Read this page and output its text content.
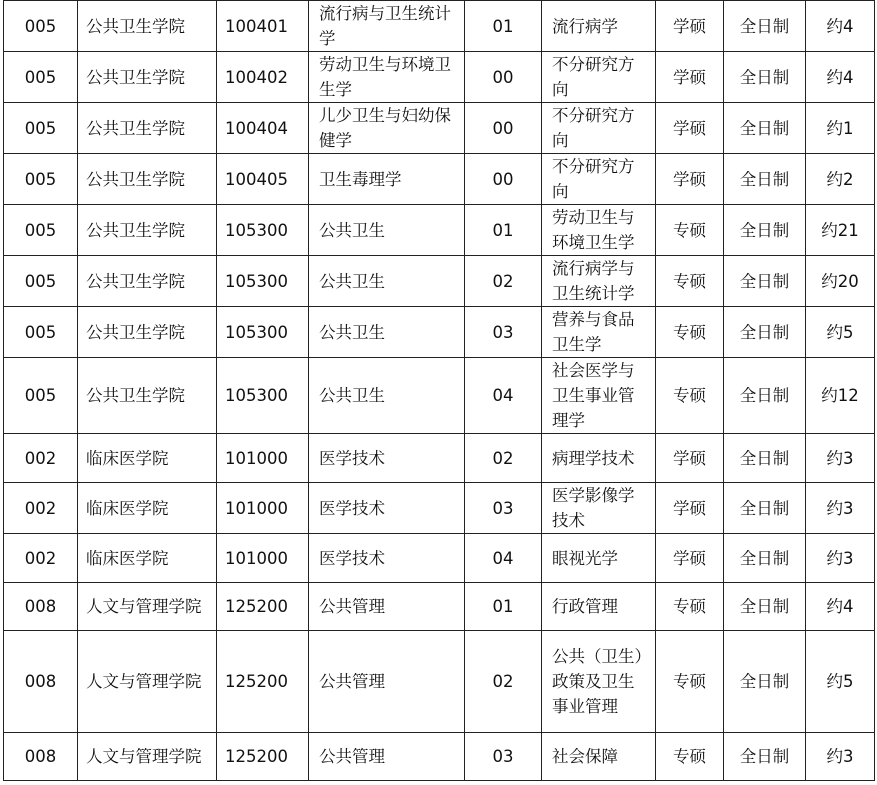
005	公共卫生学院	100401	流行病与卫生统计学	01	流行病学	学硕	全日制	约4
005	公共卫生学院	100402	劳动卫生与环境卫生学	00	不分研究方向	学硕	全日制	约4
005	公共卫生学院	100404	儿少卫生与妇幼保健学	00	不分研究方向	学硕	全日制	约1
005	公共卫生学院	100405	卫生毒理学	00	不分研究方向	学硕	全日制	约2
005	公共卫生学院	105300	公共卫生	01	劳动卫生与环境卫生学	专硕	全日制	约21
005	公共卫生学院	105300	公共卫生	02	流行病学与卫生统计学	专硕	全日制	约20
005	公共卫生学院	105300	公共卫生	03	营养与食品卫生学	专硕	全日制	约5
005	公共卫生学院	105300	公共卫生	04	社会医学与卫生事业管理学	专硕	全日制	约12
002	临床医学院	101000	医学技术	02	病理学技术	学硕	全日制	约3
002	临床医学院	101000	医学技术	03	医学影像学技术	学硕	全日制	约3
002	临床医学院	101000	医学技术	04	眼视光学	学硕	全日制	约3
008	人文与管理学院	125200	公共管理	01	行政管理	专硕	全日制	约4
008	人文与管理学院	125200	公共管理	02	公共（卫生）政策及卫生事业管理	专硕	全日制	约5
008	人文与管理学院	125200	公共管理	03	社会保障	专硕	全日制	约3
